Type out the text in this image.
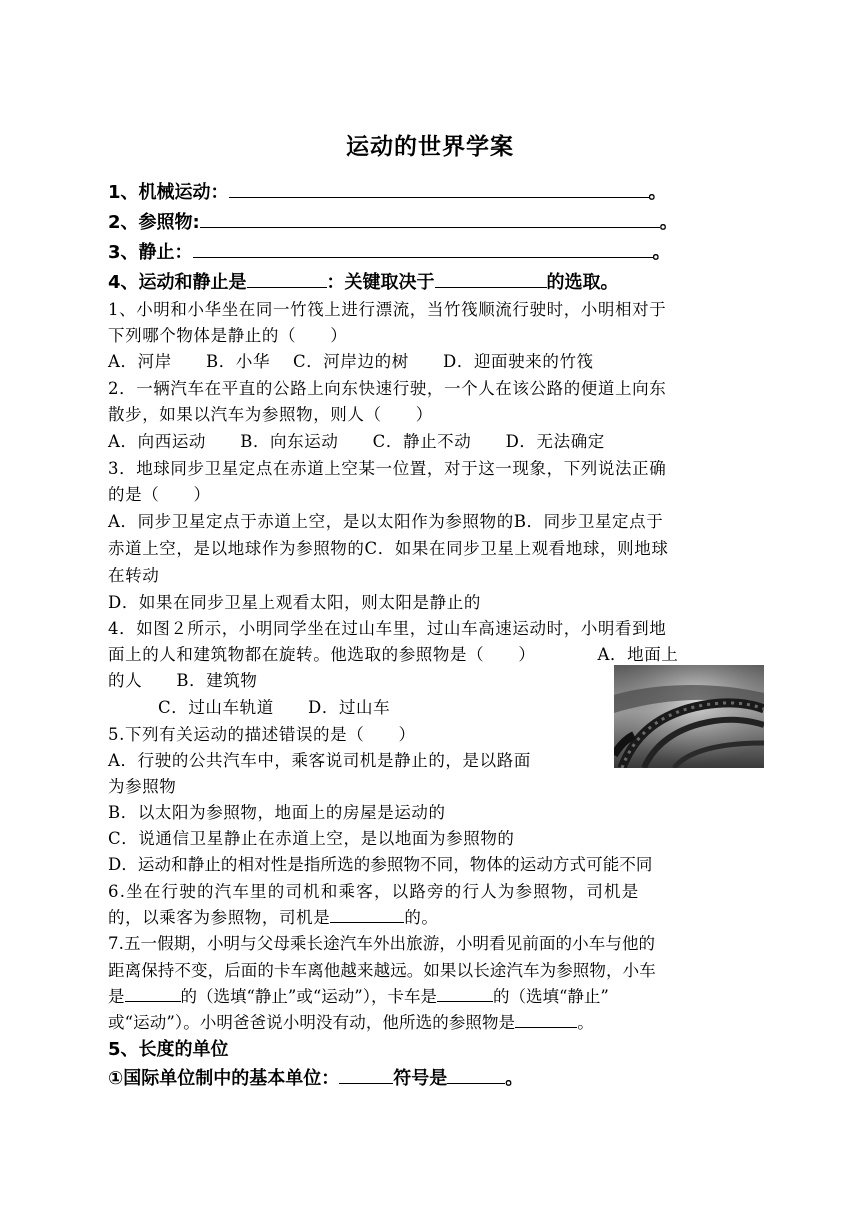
运动的世界学案
1、机械运动：	。
2、参照物:	。
3、静止：	。
4、运动和静止是	：关键取决于	的选取。
1、小明和小华坐在同一竹筏上进行漂流，当竹筏顺流行驶时，小明相对于
下列哪个物体是静止的（　　）
A．河岸　　B．小华　 C．河岸边的树　　D．迎面驶来的竹筏
2．一辆汽车在平直的公路上向东快速行驶，一个人在该公路的便道上向东
散步，如果以汽车为参照物，则人（　　）
A．向西运动　　B．向东运动　　C．静止不动　　D．无法确定
3．地球同步卫星定点在赤道上空某一位置，对于这一现象，下列说法正确
的是（　　）
A．同步卫星定点于赤道上空，是以太阳作为参照物的B．同步卫星定点于
赤道上空，是以地球作为参照物的C．如果在同步卫星上观看地球，则地球
在转动
D．如果在同步卫星上观看太阳，则太阳是静止的
4．如图２所示，小明同学坐在过山车里，过山车高速运动时，小明看到地
面上的人和建筑物都在旋转。他选取的参照物是（　　）	A．地面上
的人　　B．建筑物
C．过山车轨道　　D．过山车
5.下列有关运动的描述错误的是（　　）
A．行驶的公共汽车中，乘客说司机是静止的，是以路面
为参照物
B．以太阳为参照物，地面上的房屋是运动的
C．说通信卫星静止在赤道上空，是以地面为参照物的
D．运动和静止的相对性是指所选的参照物不同，物体的运动方式可能不同
6.坐在行驶的汽车里的司机和乘客，以路旁的行人为参照物，司机是
的，以乘客为参照物，司机是	的。
7.五一假期，小明与父母乘长途汽车外出旅游，小明看见前面的小车与他的
距离保持不变，后面的卡车离他越来越远。如果以长途汽车为参照物，小车
是	的（选填“静止”或“运动”），卡车是	的（选填“静止”
或“运动”）。小明爸爸说小明没有动，他所选的参照物是	。
5、长度的单位
①国际单位制中的基本单位：	符号是	。
